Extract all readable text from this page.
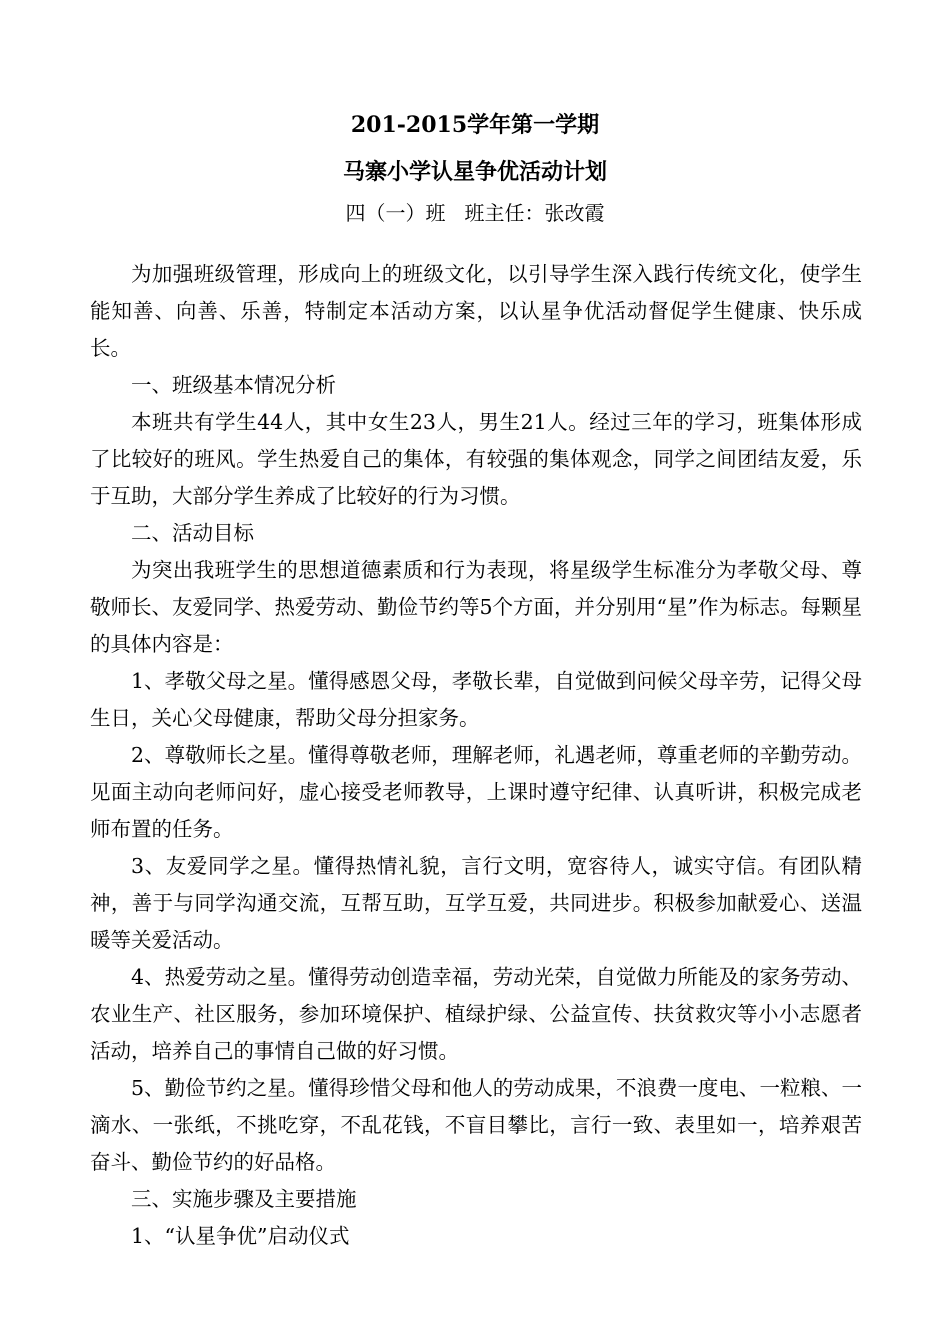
201-2015学年第一学期
马寨小学认星争优活动计划

四（一）班   班主任：张改霞

为加强班级管理，形成向上的班级文化，以引导学生深入践行传统文化，使学生能知善、向善、乐善，特制定本活动方案，以认星争优活动督促学生健康、快乐成长。

一、班级基本情况分析

本班共有学生44人，其中女生23人，男生21人。经过三年的学习，班集体形成了比较好的班风。学生热爱自己的集体，有较强的集体观念，同学之间团结友爱，乐于互助，大部分学生养成了比较好的行为习惯。

二、活动目标

为突出我班学生的思想道德素质和行为表现，将星级学生标准分为孝敬父母、尊敬师长、友爱同学、热爱劳动、勤俭节约等5个方面，并分别用“星”作为标志。每颗星的具体内容是：

1、孝敬父母之星。懂得感恩父母，孝敬长辈，自觉做到问候父母辛劳，记得父母生日，关心父母健康，帮助父母分担家务。

2、尊敬师长之星。懂得尊敬老师，理解老师，礼遇老师，尊重老师的辛勤劳动。见面主动向老师问好，虚心接受老师教导，上课时遵守纪律、认真听讲，积极完成老师布置的任务。

3、友爱同学之星。懂得热情礼貌，言行文明，宽容待人，诚实守信。有团队精神，善于与同学沟通交流，互帮互助，互学互爱，共同进步。积极参加献爱心、送温暖等关爱活动。

4、热爱劳动之星。懂得劳动创造幸福，劳动光荣，自觉做力所能及的家务劳动、农业生产、社区服务，参加环境保护、植绿护绿、公益宣传、扶贫救灾等小小志愿者活动，培养自己的事情自己做的好习惯。

5、勤俭节约之星。懂得珍惜父母和他人的劳动成果，不浪费一度电、一粒粮、一滴水、一张纸，不挑吃穿，不乱花钱，不盲目攀比，言行一致、表里如一，培养艰苦奋斗、勤俭节约的好品格。

三、实施步骤及主要措施

1、“认星争优”启动仪式
